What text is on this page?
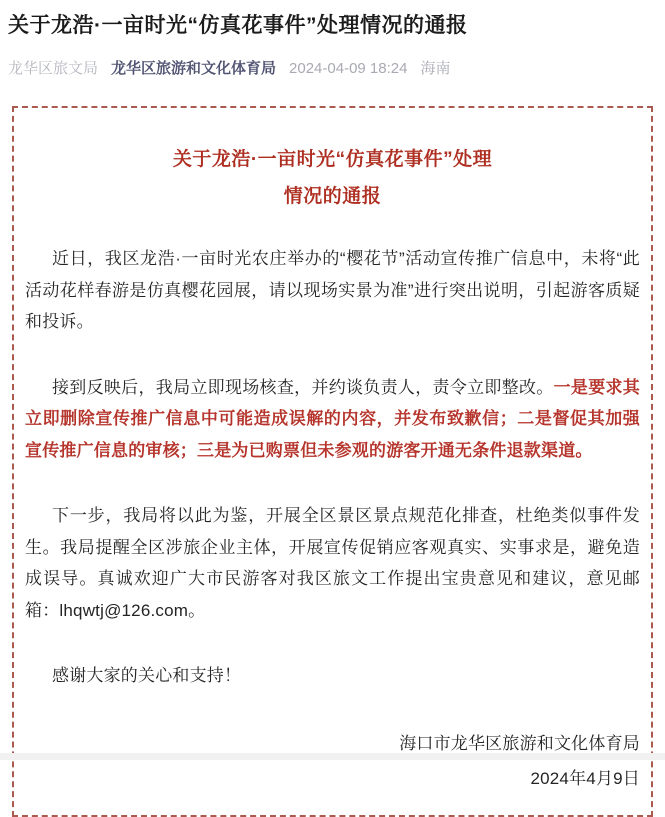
关于龙浩·一亩时光“仿真花事件”处理情况的通报
龙华区旅文局 龙华区旅游和文化体育局 2024-04-09 18:24 海南
关于龙浩·一亩时光“仿真花事件”处理
情况的通报

近日，我区龙浩·一亩时光农庄举办的“樱花节”活动宣传推广信息中，未将“此活动花样春游是仿真樱花园展，请以现场实景为准”进行突出说明，引起游客质疑和投诉。

接到反映后，我局立即现场核查，并约谈负责人，责令立即整改。一是要求其立即删除宣传推广信息中可能造成误解的内容，并发布致歉信；二是督促其加强宣传推广信息的审核；三是为已购票但未参观的游客开通无条件退款渠道。

下一步，我局将以此为鉴，开展全区景区景点规范化排查，杜绝类似事件发生。我局提醒全区涉旅企业主体，开展宣传促销应客观真实、实事求是，避免造成误导。真诚欢迎广大市民游客对我区旅文工作提出宝贵意见和建议，意见邮箱：lhqwtj@126.com。

感谢大家的关心和支持！

海口市龙华区旅游和文化体育局

2024年4月9日
